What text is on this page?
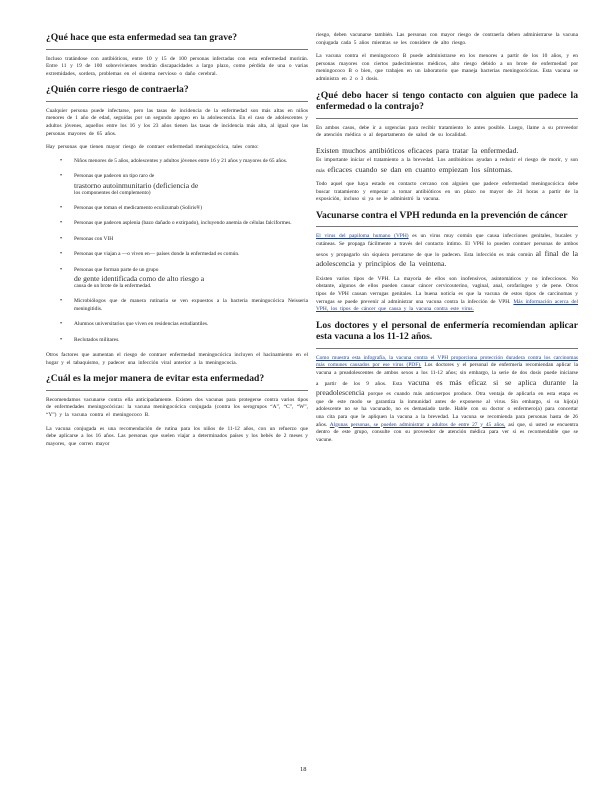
¿Qué hace que esta enfermedad sea tan grave?

Incluso tratándose con antibióticos, entre 10 y 15 de 100 personas infectadas con esta enfermedad morirán. Entre 11 y 19 de 100 sobrevivientes tendrán discapacidades a largo plazo, como pérdida de una o varias extremidades, sordera, problemas en el sistema nervioso o daño cerebral.

¿Quién corre riesgo de contraerla?

Cualquier persona puede infectarse, pero las tasas de incidencia de la enfermedad son más altas en niños menores de 1 año de edad, seguidas por un segundo apogeo en la adolescencia. En el caso de adolescentes y adultos jóvenes, aquellos entre los 16 y los 23 años tienen las tasas de incidencia más alta, al igual que las personas mayores de 65 años.

Hay personas que tienen mayor riesgo de contraer enfermedad meningocócica, tales como:

• Niños menores de 5 años, adolescentes y adultos jóvenes entre 16 y 21 años y mayores de 65 años.
• Personas que padecen un tipo raro de
trastorno autoinmunitario (deficiencia de
los componentes del complemento)
• Personas que toman el medicamento eculizumab (Soliris®)
• Personas que padecen asplenia (bazo dañado o extirpado), incluyendo anemia de células falciformes.
• Personas con VIH
• Personas que viajan a —o viven en— países donde la enfermedad es común.
• Personas que forman parte de un grupo
de gente identificada como de alto riesgo a
causa de un brote de la enfermedad.
• Microbiólogos que de manera rutinaria se ven expuestos a la bacteria meningocócica Neisseria meningitidis.
• Alumnos universitarios que viven en residencias estudiantiles.
• Reclutados militares.

Otros factores que aumentan el riesgo de contraer enfermedad meningocócica incluyen el hacinamiento en el hogar y el tabaquismo, y padecer una infección viral anterior a la meningococia.

¿Cuál es la mejor manera de evitar esta enfermedad?

Recomendamos vacunarse contra ella anticipadamente. Existen dos vacunas para protegerse contra varios tipos de enfermedades meningocócicas: la vacuna meningocócica conjugada (contra los serogrupos “A”, “C”, “W”, “Y”) y la vacuna contra el meningococo B.

La vacuna conjugada es una recomendación de rutina para los niños de 11-12 años, con un refuerzo que debe aplicarse a los 16 años. Las personas que suelen viajar a determinados países y los bebés de 2 meses y mayores, que corren mayor

riesgo, deben vacunarse también. Las personas con mayor riesgo de contraerla deben administrarse la vacuna conjugada cada 5 años mientras se les considere de alto riesgo.

La vacuna contra el meningococo B puede administrarse en los menores a partir de los 10 años, y en personas mayores con ciertos padecimientos médicos, alto riesgo debido a un brote de enfermedad por meningococo B o bien, que trabajen en un laboratorio que maneja bacterias meningocócicas. Esta vacuna se administra en 2 o 3 dosis.

¿Qué debo hacer si tengo contacto con alguien que padece la enfermedad o la contrajo?

En ambos casos, debe ir a urgencias para recibir tratamiento lo antes posible. Luego, llame a su proveedor de atención médica o al departamento de salud de su localidad.

Existen muchos antibióticos eficaces para tratar la enfermedad.

Es importante iniciar el tratamiento a la brevedad. Los antibióticos ayudan a reducir el riesgo de morir, y son más eficaces cuando se dan en cuanto empiezan los síntomas.

Todo aquel que haya estado en contacto cercano con alguien que padece enfermedad meningocócica debe buscar tratamiento y empezar a tomar antibióticos en un plazo no mayor de 24 horas a partir de la exposición, incluso si ya se le administró la vacuna.

Vacunarse contra el VPH redunda en la prevención de cáncer

El virus del papiloma humano (VPH) es un virus muy común que causa infecciones genitales, bucales y cutáneas. Se propaga fácilmente a través del contacto íntimo. El VPH lo pueden contraer personas de ambos sexos y propagarlo sin siquiera percatarse de que lo padecen. Esta infección es más común al final de la adolescencia y principios de la veintena.

Existen varios tipos de VPH. La mayoría de ellos son inofensivos, asintomáticos y no infecciosos. No obstante, algunos de ellos pueden causar cáncer cervicouterino, vaginal, anal, orofaríngeo y de pene. Otros tipos de VPH causan verrugas genitales. La buena noticia es que la vacuna de estos tipos de carcinomas y verrugas se puede prevenir al administrar una vacuna contra la infección de VPH. Más información acerca del VPH, los tipos de cáncer que causa y la vacuna contra este virus.

Los doctores y el personal de enfermería recomiendan aplicar esta vacuna a los 11-12 años.

Como muestra esta infografía, la vacuna contra el VPH proporciona protección duradera contra los carcinomas más comunes causados por ese virus (PDF). Los doctores y el personal de enfermería recomiendan aplicar la vacuna a preadolescentes de ambos sexos a los 11-12 años; sin embargo, la serie de dos dosis puede iniciarse a partir de los 9 años. Esta vacuna es más eficaz si se aplica durante la preadolescencia porque es cuando más anticuerpos produce. Otra ventaja de aplicarla en esta etapa es que de este modo se garantiza la inmunidad antes de exponerse al virus. Sin embargo, si su hijo(a) adolescente no se ha vacunado, no es demasiado tarde. Hable con su doctor o enfermero(a) para concertar una cita para que le apliquen la vacuna a la brevedad. La vacuna se recomienda para personas hasta de 26 años. Algunas personas, se pueden administrar a adultos de entre 27 y 45 años, así que, si usted se encuentra dentro de este grupo, consulte con su proveedor de atención médica para ver si es recomendable que se vacune.

18
